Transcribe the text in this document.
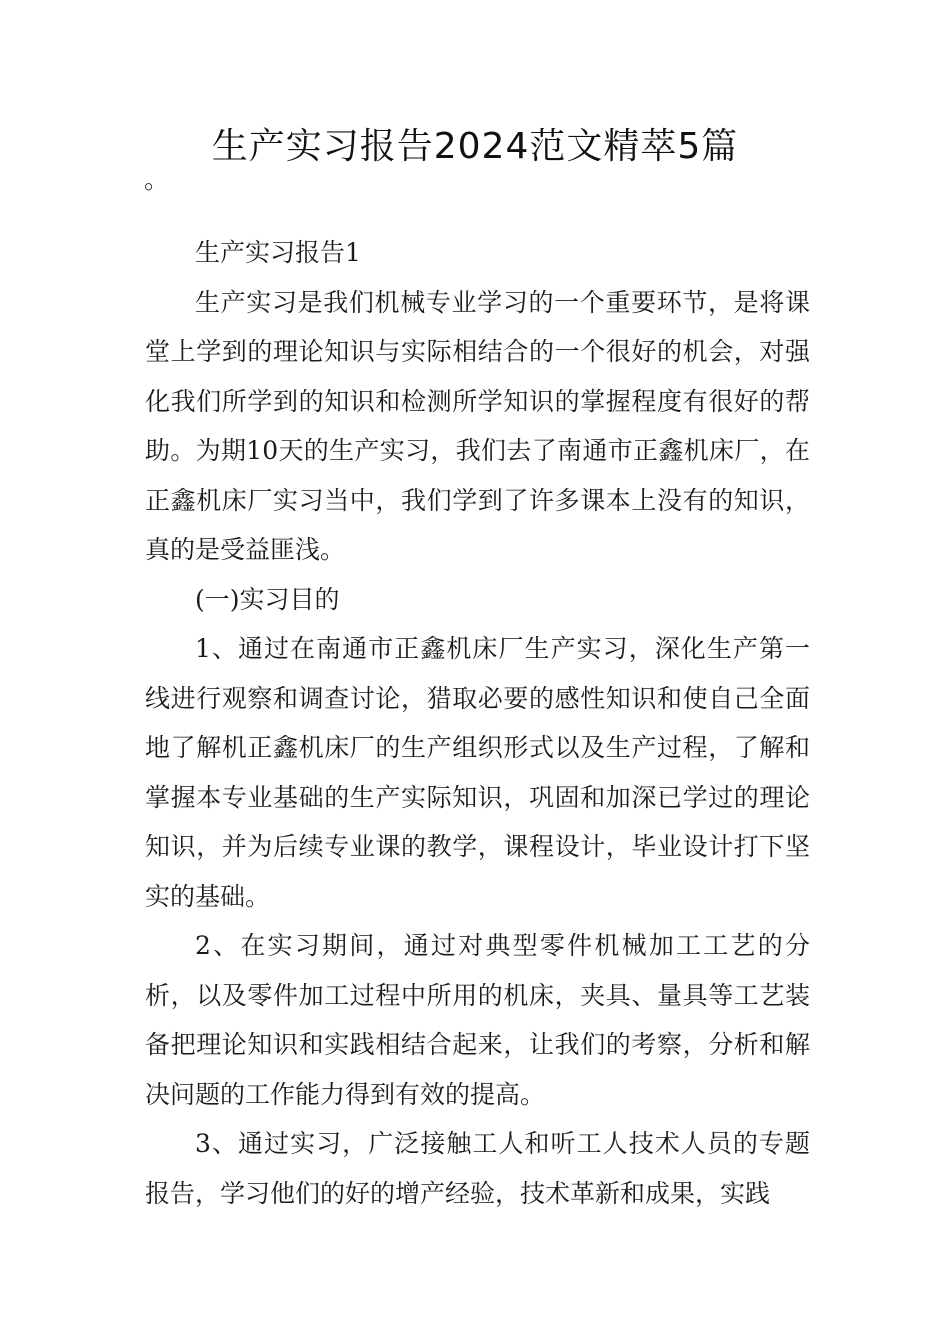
生产实习报告2024范文精萃5篇
。

生产实习报告1

生产实习是我们机械专业学习的一个重要环节，是将课堂上学到的理论知识与实际相结合的一个很好的机会，对强化我们所学到的知识和检测所学知识的掌握程度有很好的帮助。为期10天的生产实习，我们去了南通市正鑫机床厂，在正鑫机床厂实习当中，我们学到了许多课本上没有的知识，真的是受益匪浅。

(一)实习目的

1、通过在南通市正鑫机床厂生产实习，深化生产第一线进行观察和调查讨论，猎取必要的感性知识和使自己全面地了解机正鑫机床厂的生产组织形式以及生产过程，了解和掌握本专业基础的生产实际知识，巩固和加深已学过的理论知识，并为后续专业课的教学，课程设计，毕业设计打下坚实的基础。

2、在实习期间，通过对典型零件机械加工工艺的分析，以及零件加工过程中所用的机床，夹具、量具等工艺装备把理论知识和实践相结合起来，让我们的考察，分析和解决问题的工作能力得到有效的提高。

3、通过实习，广泛接触工人和听工人技术人员的专题报告，学习他们的好的增产经验，技术革新和成果，实践
